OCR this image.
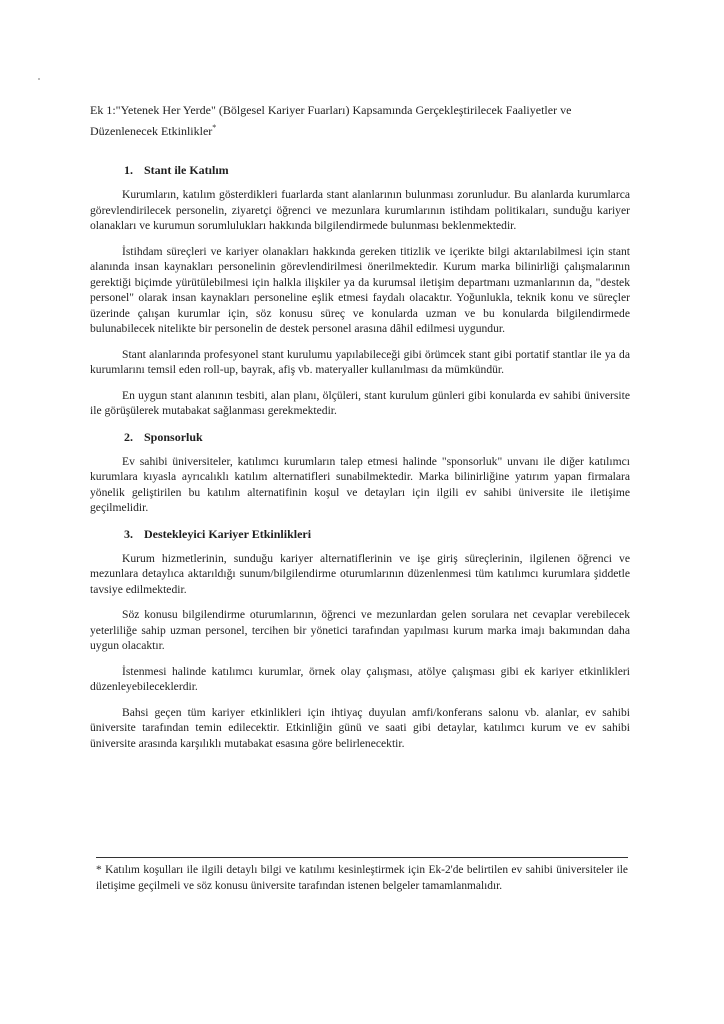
Ek 1:"Yetenek Her Yerde" (Bölgesel Kariyer Fuarları) Kapsamında Gerçekleştirilecek Faaliyetler ve Düzenlenecek Etkinlikler*

1. Stant ile Katılım

Kurumların, katılım gösterdikleri fuarlarda stant alanlarının bulunması zorunludur. Bu alanlarda kurumlarca görevlendirilecek personelin, ziyaretçi öğrenci ve mezunlara kurumlarının istihdam politikaları, sunduğu kariyer olanakları ve kurumun sorumlulukları hakkında bilgilendirmede bulunması beklenmektedir.

İstihdam süreçleri ve kariyer olanakları hakkında gereken titizlik ve içerikte bilgi aktarılabilmesi için stant alanında insan kaynakları personelinin görevlendirilmesi önerilmektedir. Kurum marka bilinirliği çalışmalarının gerektiği biçimde yürütülebilmesi için halkla ilişkiler ya da kurumsal iletişim departmanı uzmanlarının da, "destek personel" olarak insan kaynakları personeline eşlik etmesi faydalı olacaktır. Yoğunlukla, teknik konu ve süreçler üzerinde çalışan kurumlar için, söz konusu süreç ve konularda uzman ve bu konularda bilgilendirmede bulunabilecek nitelikte bir personelin de destek personel arasına dâhil edilmesi uygundur.

Stant alanlarında profesyonel stant kurulumu yapılabileceği gibi örümcek stant gibi portatif stantlar ile ya da kurumlarını temsil eden roll-up, bayrak, afiş vb. materyaller kullanılması da mümkündür.

En uygun stant alanının tesbiti, alan planı, ölçüleri, stant kurulum günleri gibi konularda ev sahibi üniversite ile görüşülerek mutabakat sağlanması gerekmektedir.

2. Sponsorluk

Ev sahibi üniversiteler, katılımcı kurumların talep etmesi halinde "sponsorluk" unvanı ile diğer katılımcı kurumlara kıyasla ayrıcalıklı katılım alternatifleri sunabilmektedir. Marka bilinirliğine yatırım yapan firmalara yönelik geliştirilen bu katılım alternatifinin koşul ve detayları için ilgili ev sahibi üniversite ile iletişime geçilmelidir.

3. Destekleyici Kariyer Etkinlikleri

Kurum hizmetlerinin, sunduğu kariyer alternatiflerinin ve işe giriş süreçlerinin, ilgilenen öğrenci ve mezunlara detaylıca aktarıldığı sunum/bilgilendirme oturumlarının düzenlenmesi tüm katılımcı kurumlara şiddetle tavsiye edilmektedir.

Söz konusu bilgilendirme oturumlarının, öğrenci ve mezunlardan gelen sorulara net cevaplar verebilecek yeterliliğe sahip uzman personel, tercihen bir yönetici tarafından yapılması kurum marka imajı bakımından daha uygun olacaktır.

İstenmesi halinde katılımcı kurumlar, örnek olay çalışması, atölye çalışması gibi ek kariyer etkinlikleri düzenleyebileceklerdir.

Bahsi geçen tüm kariyer etkinlikleri için ihtiyaç duyulan amfi/konferans salonu vb. alanlar, ev sahibi üniversite tarafından temin edilecektir. Etkinliğin günü ve saati gibi detaylar, katılımcı kurum ve ev sahibi üniversite arasında karşılıklı mutabakat esasına göre belirlenecektir.

* Katılım koşulları ile ilgili detaylı bilgi ve katılımı kesinleştirmek için Ek-2'de belirtilen ev sahibi üniversiteler ile iletişime geçilmeli ve söz konusu üniversite tarafından istenen belgeler tamamlanmalıdır.
